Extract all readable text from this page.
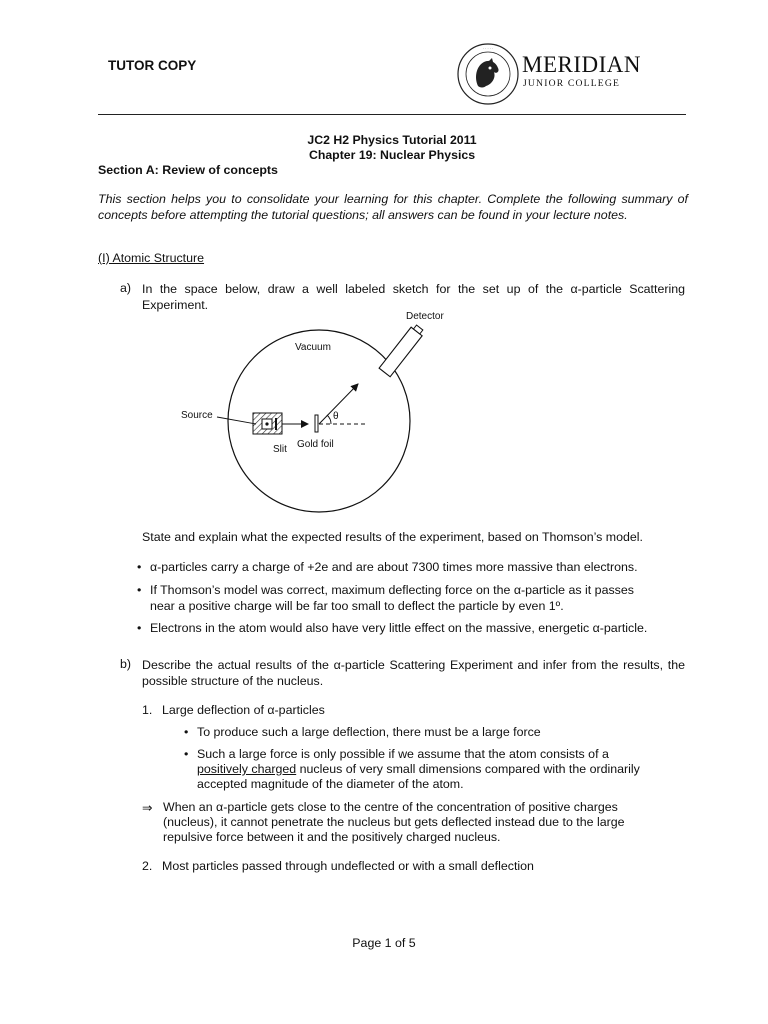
TUTOR COPY
· · · · ·
MERIDIAN
JUNIOR COLLEGE
JC2 H2 Physics Tutorial 2011
Chapter 19: Nuclear Physics
Section A: Review of concepts
This section helps you to consolidate your learning for this chapter. Complete the following summary of concepts before attempting the tutorial questions; all answers can be found in your lecture notes.
(I) Atomic Structure
a) In the space below, draw a well labeled sketch for the set up of the α-particle Scattering Experiment.
Detector
Vacuum
Source
Slit Gold foil
θ
State and explain what the expected results of the experiment, based on Thomson’s model.
• α-particles carry a charge of +2e and are about 7300 times more massive than electrons.
• If Thomson’s model was correct, maximum deflecting force on the α-particle as it passes near a positive charge will be far too small to deflect the particle by even 1º.
• Electrons in the atom would also have very little effect on the massive, energetic α-particle.
b) Describe the actual results of the α-particle Scattering Experiment and infer from the results, the possible structure of the nucleus.
1. Large deflection of α-particles
• To produce such a large deflection, there must be a large force
• Such a large force is only possible if we assume that the atom consists of a
positively charged nucleus of very small dimensions compared with the ordinarily accepted magnitude of the diameter of the atom.
⇒ When an α-particle gets close to the centre of the concentration of positive charges (nucleus), it cannot penetrate the nucleus but gets deflected instead due to the large repulsive force between it and the positively charged nucleus.
2. Most particles passed through undeflected or with a small deflection
Page 1 of 5
